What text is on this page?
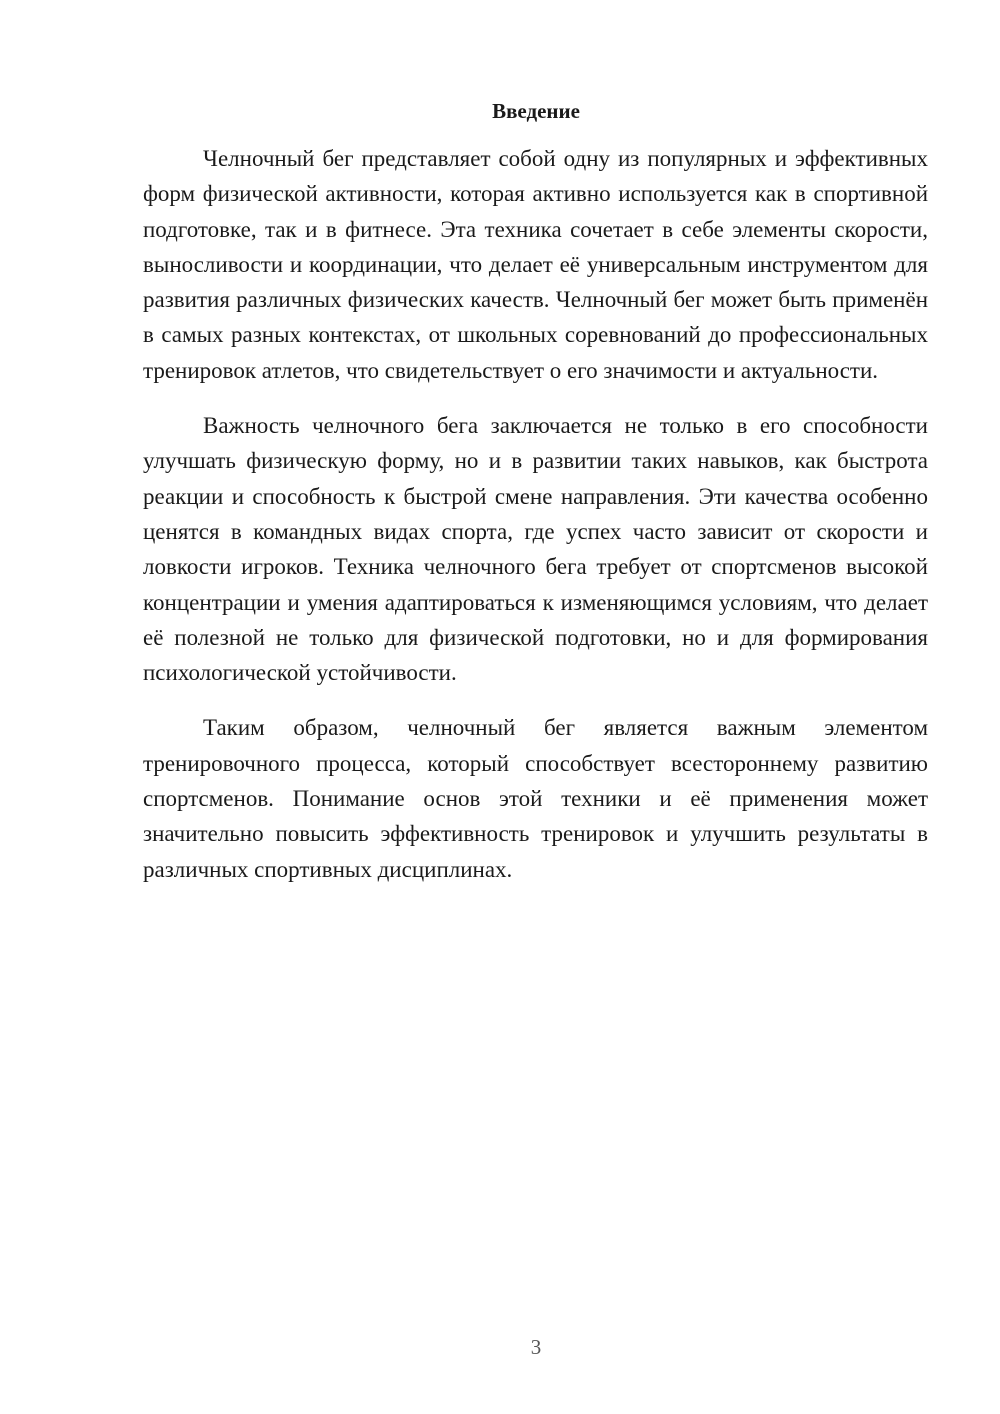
Введение

Челночный бег представляет собой одну из популярных и эффективных форм физической активности, которая активно используется как в спортивной подготовке, так и в фитнесе. Эта техника сочетает в себе элементы скорости, выносливости и координации, что делает её универсальным инструментом для развития различных физических качеств. Челночный бег может быть применён в самых разных контекстах, от школьных соревнований до профессиональных тренировок атлетов, что свидетельствует о его значимости и актуальности.

Важность челночного бега заключается не только в его способности улучшать физическую форму, но и в развитии таких навыков, как быстрота реакции и способность к быстрой смене направления. Эти качества особенно ценятся в командных видах спорта, где успех часто зависит от скорости и ловкости игроков. Техника челночного бега требует от спортсменов высокой концентрации и умения адаптироваться к изменяющимся условиям, что делает её полезной не только для физической подготовки, но и для формирования психологической устойчивости.

Таким образом, челночный бег является важным элементом тренировочного процесса, который способствует всестороннему развитию спортсменов. Понимание основ этой техники и её применения может значительно повысить эффективность тренировок и улучшить результаты в различных спортивных дисциплинах.

3
